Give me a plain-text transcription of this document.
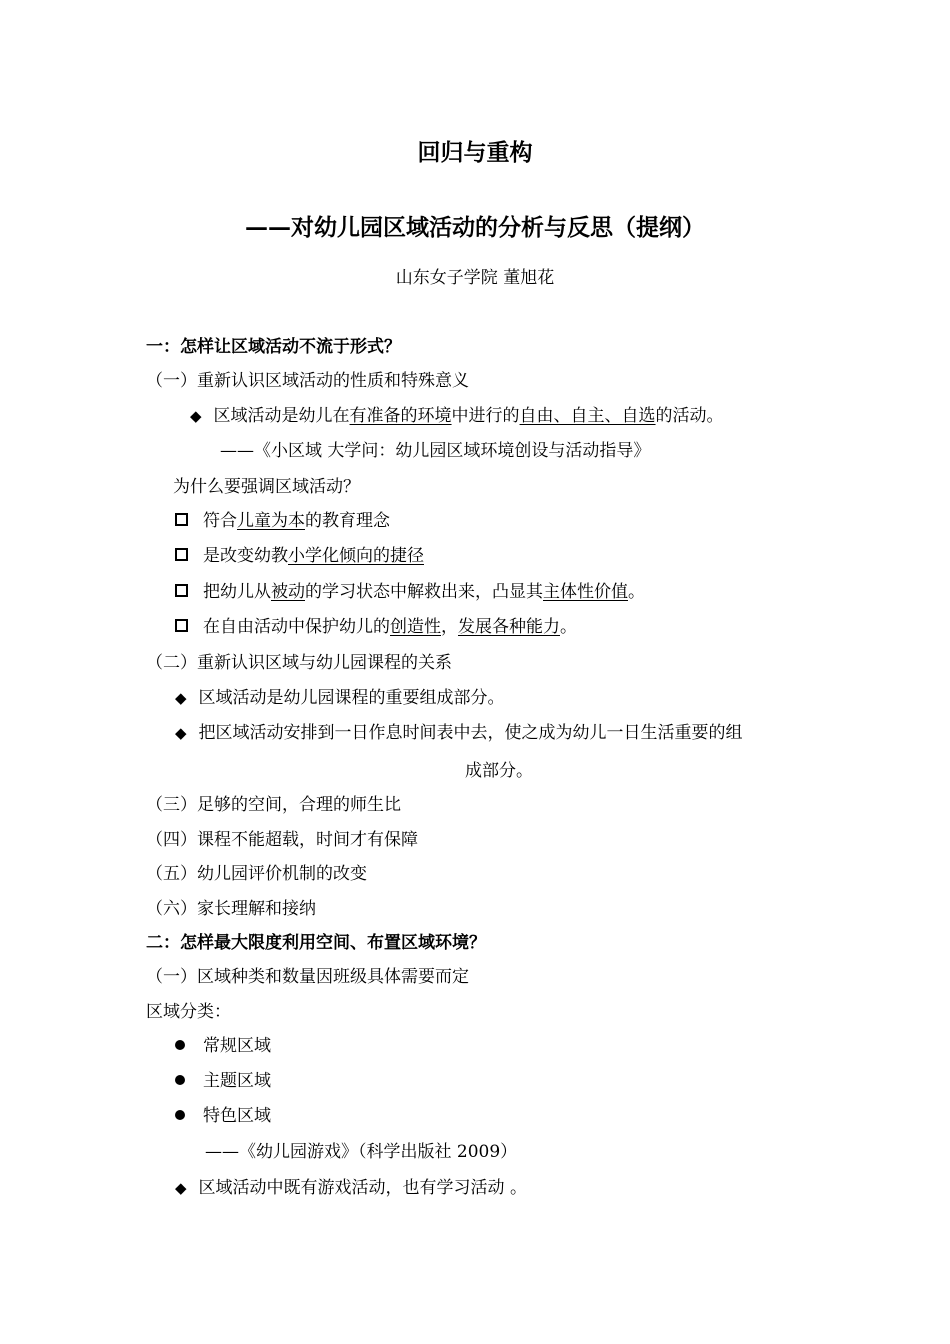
回归与重构
——对幼儿园区域活动的分析与反思（提纲）
山东女子学院 董旭花
一：怎样让区域活动不流于形式？
（一）重新认识区域活动的性质和特殊意义
◆ 区域活动是幼儿在有准备的环境中进行的自由、自主、自选的活动。
——《小区域 大学问：幼儿园区域环境创设与活动指导》
为什么要强调区域活动？
符合儿童为本的教育理念
是改变幼教小学化倾向的捷径
把幼儿从被动的学习状态中解救出来，凸显其主体性价值。
在自由活动中保护幼儿的创造性，发展各种能力。
（二）重新认识区域与幼儿园课程的关系
◆ 区域活动是幼儿园课程的重要组成部分。
◆ 把区域活动安排到一日作息时间表中去，使之成为幼儿一日生活重要的组
成部分。
（三）足够的空间，合理的师生比
（四）课程不能超载，时间才有保障
（五）幼儿园评价机制的改变
（六）家长理解和接纳
二：怎样最大限度利用空间、布置区域环境？
（一）区域种类和数量因班级具体需要而定
区域分类：
常规区域
主题区域
特色区域
——《幼儿园游戏》（科学出版社 2009）
◆ 区域活动中既有游戏活动，也有学习活动 。
